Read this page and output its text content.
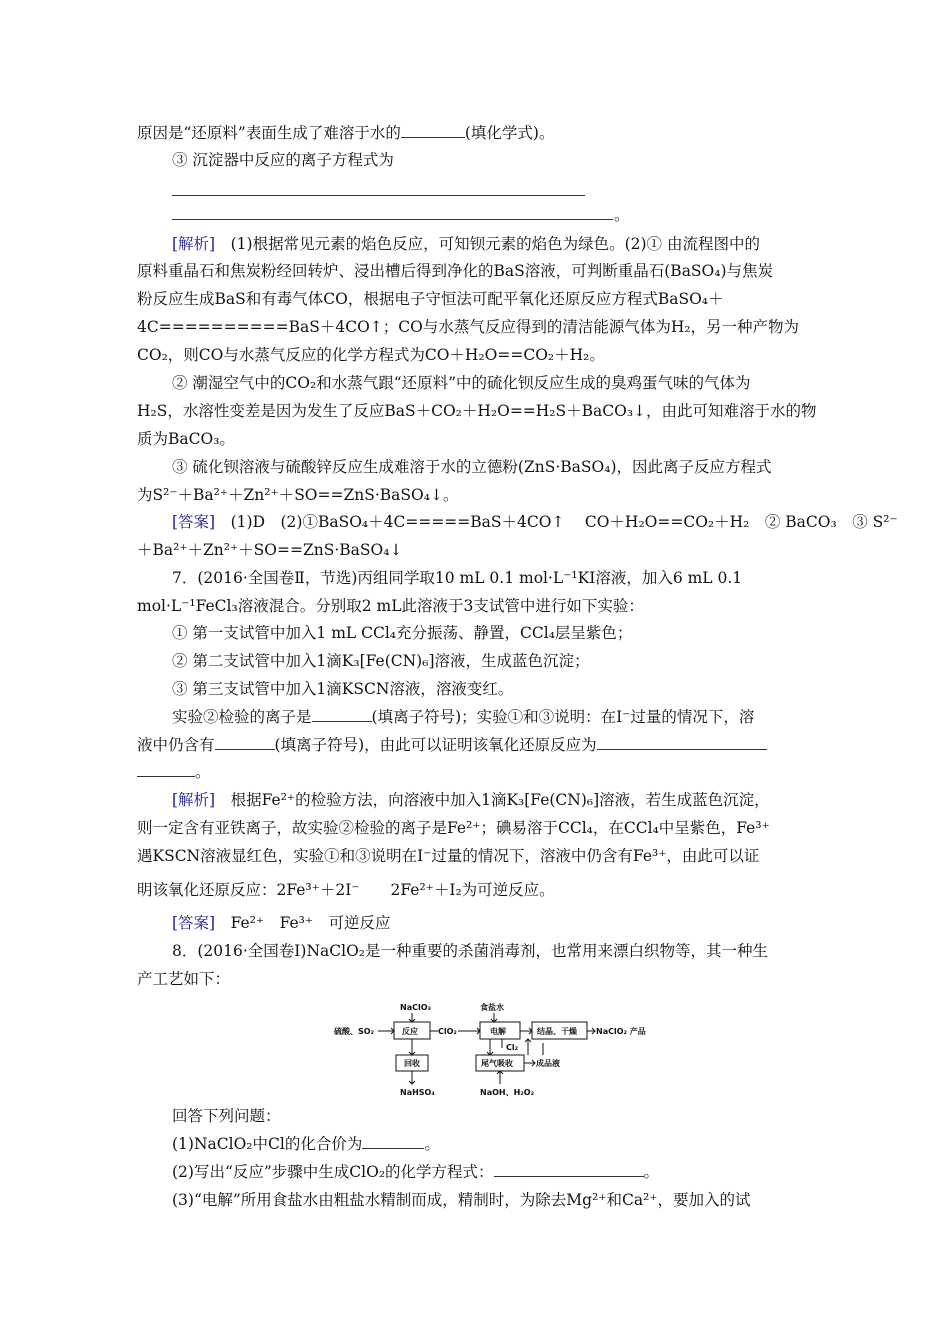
原因是“还原料”表面生成了难溶于水的	(填化学式)。
③ 沉淀器中反应的离子方程式为
。
[解析]　(1)根据常见元素的焰色反应，可知钡元素的焰色为绿色。(2)① 由流程图中的
原料重晶石和焦炭粉经回转炉、浸出槽后得到净化的BaS溶液，可判断重晶石(BaSO₄)与焦炭
粉反应生成BaS和有毒气体CO，根据电子守恒法可配平氧化还原反应方程式BaSO₄＋
4C==========BaS＋4CO↑；CO与水蒸气反应得到的清洁能源气体为H₂，另一种产物为
CO₂，则CO与水蒸气反应的化学方程式为CO＋H₂O==CO₂＋H₂。
② 潮湿空气中的CO₂和水蒸气跟“还原料”中的硫化钡反应生成的臭鸡蛋气味的气体为
H₂S，水溶性变差是因为发生了反应BaS＋CO₂＋H₂O==H₂S＋BaCO₃↓，由此可知难溶于水的物
质为BaCO₃。
③ 硫化钡溶液与硫酸锌反应生成难溶于水的立德粉(ZnS·BaSO₄)，因此离子反应方程式
为S²⁻＋Ba²⁺＋Zn²⁺＋SO==ZnS·BaSO₄↓。
[答案]　(1)D　(2)①BaSO₄＋4C=====BaS＋4CO↑　 CO＋H₂O==CO₂＋H₂　② BaCO₃　③ S²⁻
＋Ba²⁺＋Zn²⁺＋SO==ZnS·BaSO₄↓
7．(2016·全国卷Ⅱ，节选)丙组同学取10 mL 0.1 mol·L⁻¹KI溶液，加入6 mL 0.1
mol·L⁻¹FeCl₃溶液混合。分别取2 mL此溶液于3支试管中进行如下实验：
① 第一支试管中加入1 mL CCl₄充分振荡、静置，CCl₄层呈紫色；
② 第二支试管中加入1滴K₃[Fe(CN)₆]溶液，生成蓝色沉淀；
③ 第三支试管中加入1滴KSCN溶液，溶液变红。
实验②检验的离子是	(填离子符号)；实验①和③说明：在I⁻过量的情况下，溶
液中仍含有	(填离子符号)，由此可以证明该氧化还原反应为
。
[解析]　根据Fe²⁺的检验方法，向溶液中加入1滴K₃[Fe(CN)₆]溶液，若生成蓝色沉淀，
则一定含有亚铁离子，故实验②检验的离子是Fe²⁺；碘易溶于CCl₄，在CCl₄中呈紫色，Fe³⁺
遇KSCN溶液显红色，实验①和③说明在I⁻过量的情况下，溶液中仍含有Fe³⁺，由此可以证
明该氧化还原反应：2Fe³⁺＋2I⁻　　2Fe²⁺＋I₂为可逆反应。
[答案]　Fe²⁺　Fe³⁺　可逆反应
8．(2016·全国卷Ⅰ)NaClO₂是一种重要的杀菌消毒剂，也常用来漂白织物等，其一种生
产工艺如下：
NaClO₃
硫酸、SO₂	反应	ClO₂
食盐水
电解	结晶、干燥 NaClO₂ 产品
回收
NaHSO₄
Cl₂
尾气吸收	成品液
NaOH、H₂O₂
回答下列问题：
(1)NaClO₂中Cl的化合价为	。
(2)写出“反应”步骤中生成ClO₂的化学方程式：	。
(3)“电解”所用食盐水由粗盐水精制而成，精制时，为除去Mg²⁺和Ca²⁺，要加入的试
